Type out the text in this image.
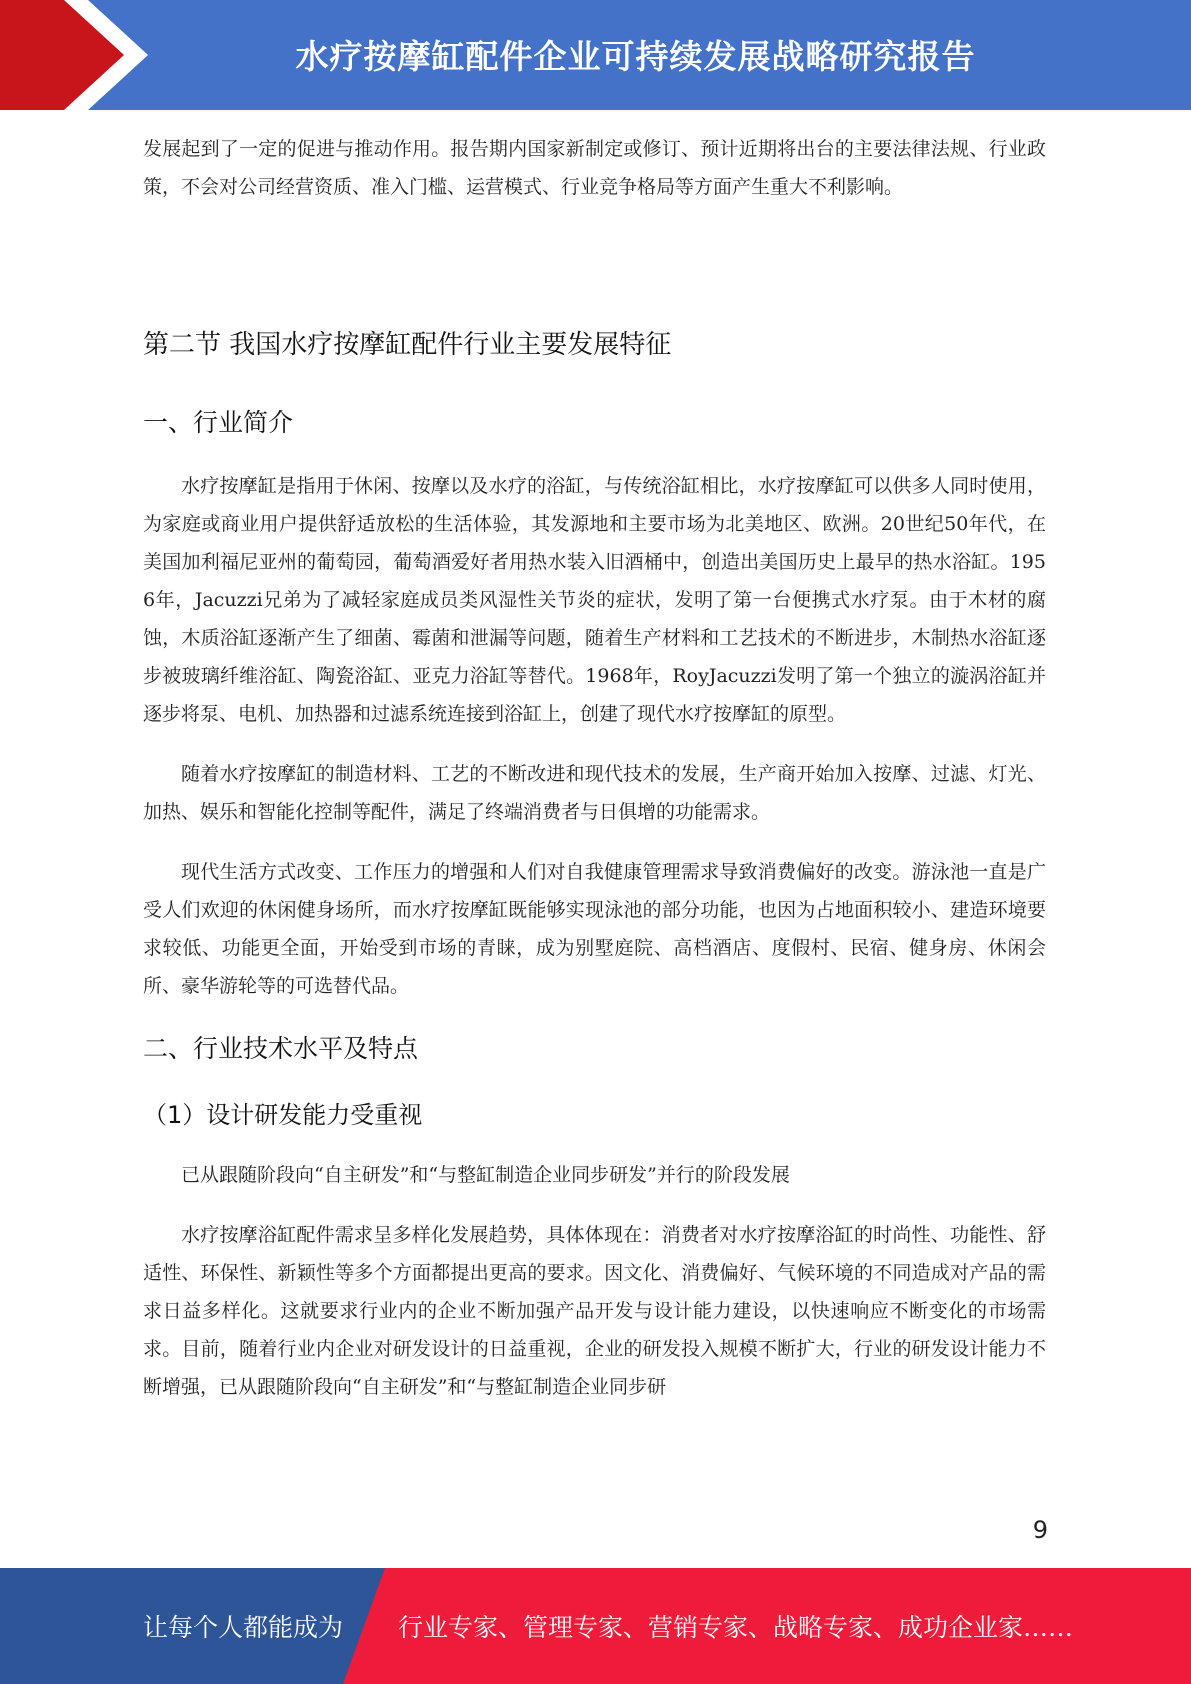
水疗按摩缸配件企业可持续发展战略研究报告

发展起到了一定的促进与推动作用。报告期内国家新制定或修订、预计近期将出台的主要法律法规、行业政策，不会对公司经营资质、准入门槛、运营模式、行业竞争格局等方面产生重大不利影响。

第二节 我国水疗按摩缸配件行业主要发展特征
一、行业简介

水疗按摩缸是指用于休闲、按摩以及水疗的浴缸，与传统浴缸相比，水疗按摩缸可以供多人同时使用，为家庭或商业用户提供舒适放松的生活体验，其发源地和主要市场为北美地区、欧洲。20世纪50年代，在美国加利福尼亚州的葡萄园，葡萄酒爱好者用热水装入旧酒桶中，创造出美国历史上最早的热水浴缸。1956年，Jacuzzi兄弟为了减轻家庭成员类风湿性关节炎的症状，发明了第一台便携式水疗泵。由于木材的腐蚀，木质浴缸逐渐产生了细菌、霉菌和泄漏等问题，随着生产材料和工艺技术的不断进步，木制热水浴缸逐步被玻璃纤维浴缸、陶瓷浴缸、亚克力浴缸等替代。1968年，RoyJacuzzi发明了第一个独立的漩涡浴缸并逐步将泵、电机、加热器和过滤系统连接到浴缸上，创建了现代水疗按摩缸的原型。

随着水疗按摩缸的制造材料、工艺的不断改进和现代技术的发展，生产商开始加入按摩、过滤、灯光、加热、娱乐和智能化控制等配件，满足了终端消费者与日俱增的功能需求。

现代生活方式改变、工作压力的增强和人们对自我健康管理需求导致消费偏好的改变。游泳池一直是广受人们欢迎的休闲健身场所，而水疗按摩缸既能够实现泳池的部分功能，也因为占地面积较小、建造环境要求较低、功能更全面，开始受到市场的青睐，成为别墅庭院、高档酒店、度假村、民宿、健身房、休闲会所、豪华游轮等的可选替代品。

二、行业技术水平及特点
（1）设计研发能力受重视

已从跟随阶段向“自主研发”和“与整缸制造企业同步研发”并行的阶段发展

水疗按摩浴缸配件需求呈多样化发展趋势，具体体现在：消费者对水疗按摩浴缸的时尚性、功能性、舒适性、环保性、新颖性等多个方面都提出更高的要求。因文化、消费偏好、气候环境的不同造成对产品的需求日益多样化。这就要求行业内的企业不断加强产品开发与设计能力建设，以快速响应不断变化的市场需求。目前，随着行业内企业对研发设计的日益重视，企业的研发投入规模不断扩大，行业的研发设计能力不断增强，已从跟随阶段向“自主研发”和“与整缸制造企业同步研

9
让每个人都能成为 行业专家、管理专家、营销专家、战略专家、成功企业家……
